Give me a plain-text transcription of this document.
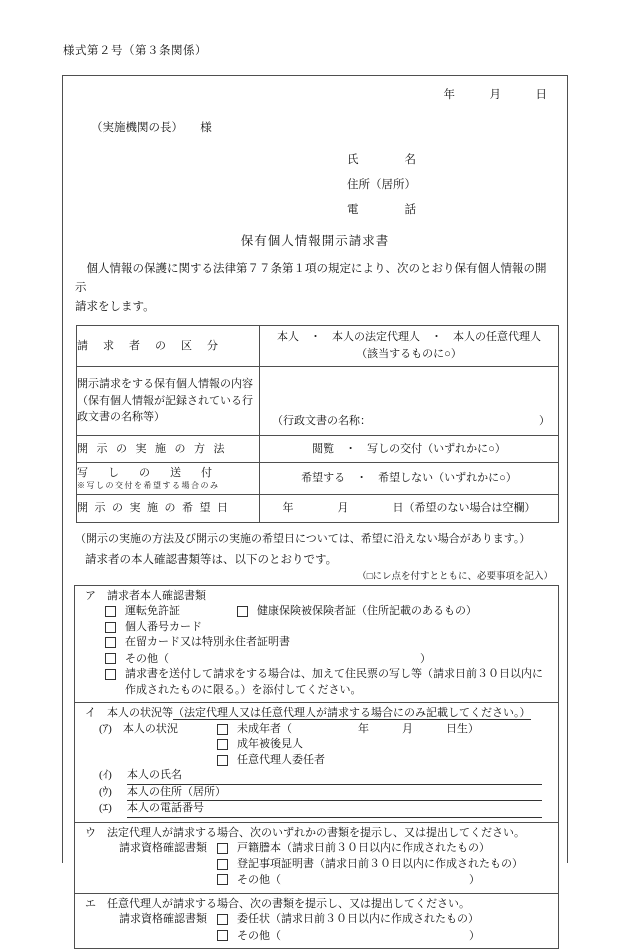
様式第２号（第３条関係）
年　　　月　　　日
（実施機関の長）　　様
氏　　　　名
住所（居所）
電　　　　話
保有個人情報開示請求書
　個人情報の保護に関する法律第７７条第１項の規定により、次のとおり保有個人情報の開示
請求をします。
請求者の区分	本人　・　本人の法定代理人　・　本人の任意代理人
（該当するものに○）

開示請求をする保有個人情報の内容（保有個人情報が記録されている行政文書の名称等）	（行政文書の名称： ）

開示の実施の方法	閲覧　・　写しの交付（いずれかに○）

写しの送付
※写しの交付を希望する場合のみ	希望する　・　希望しない（いずれかに○）

開示の実施の希望日	年　　　　月　　　　日（希望のない場合は空欄）
（開示の実施の方法及び開示の実施の希望日については、希望に沿えない場合があります。）
請求者の本人確認書類等は、以下のとおりです。
（□にレ点を付すとともに、必要事項を記入）
ア　請求者本人確認書類
運転免許証	健康保険被保険者証（住所記載のあるもの）
個人番号カード
在留カード又は特別永住者証明書
その他（	）
請求書を送付して請求をする場合は、加えて住民票の写し等（請求日前３０日以内に作成されたものに限る。）を添付してください。
イ　本人の状況等（法定代理人又は任意代理人が請求する場合にのみ記載してください。）
(ｱ)　 本人の状況	未成年者（　　　　　　年　　　月　　　日生）
成年被後見人
任意代理人委任者
(ｲ)	本人の氏名
(ｳ)	本人の住所（居所）
(ｴ)	本人の電話番号
ウ　法定代理人が請求する場合、次のいずれかの書類を提示し、又は提出してください。
請求資格確認書類	戸籍謄本（請求日前３０日以内に作成されたもの）
登記事項証明書（請求日前３０日以内に作成されたもの）
その他（	）
エ　任意代理人が請求する場合、次の書類を提示し、又は提出してください。
請求資格確認書類	委任状（請求日前３０日以内に作成されたもの）
その他（	）
